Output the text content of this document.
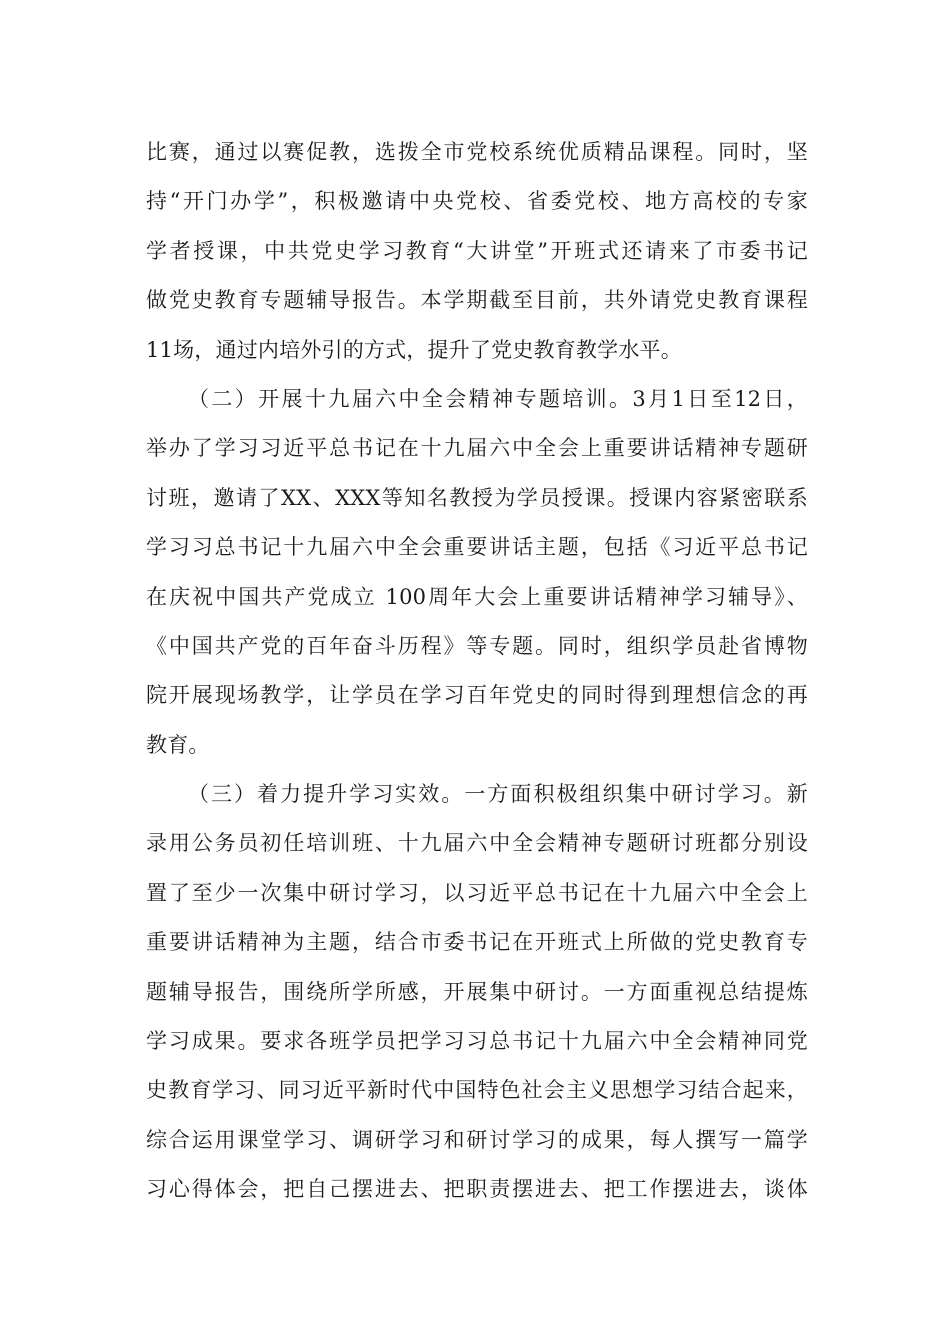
比赛，通过以赛促教，选拨全市党校系统优质精品课程。同时，坚
持“开门办学”，积极邀请中央党校、省委党校、地方高校的专家
学者授课，中共党史学习教育“大讲堂”开班式还请来了市委书记
做党史教育专题辅导报告。本学期截至目前，共外请党史教育课程
11场，通过内培外引的方式，提升了党史教育教学水平。
（二）开展十九届六中全会精神专题培训。3月1日至12日，
举办了学习习近平总书记在十九届六中全会上重要讲话精神专题研
讨班，邀请了XX、XXX等知名教授为学员授课。授课内容紧密联系
学习习总书记十九届六中全会重要讲话主题，包括《习近平总书记
在庆祝中国共产党成立 100周年大会上重要讲话精神学习辅导》、
《中国共产党的百年奋斗历程》等专题。同时，组织学员赴省博物
院开展现场教学，让学员在学习百年党史的同时得到理想信念的再
教育。
（三）着力提升学习实效。一方面积极组织集中研讨学习。新
录用公务员初任培训班、十九届六中全会精神专题研讨班都分别设
置了至少一次集中研讨学习，以习近平总书记在十九届六中全会上
重要讲话精神为主题，结合市委书记在开班式上所做的党史教育专
题辅导报告，围绕所学所感，开展集中研讨。一方面重视总结提炼
学习成果。要求各班学员把学习习总书记十九届六中全会精神同党
史教育学习、同习近平新时代中国特色社会主义思想学习结合起来，
综合运用课堂学习、调研学习和研讨学习的成果，每人撰写一篇学
习心得体会，把自己摆进去、把职责摆进去、把工作摆进去，谈体
